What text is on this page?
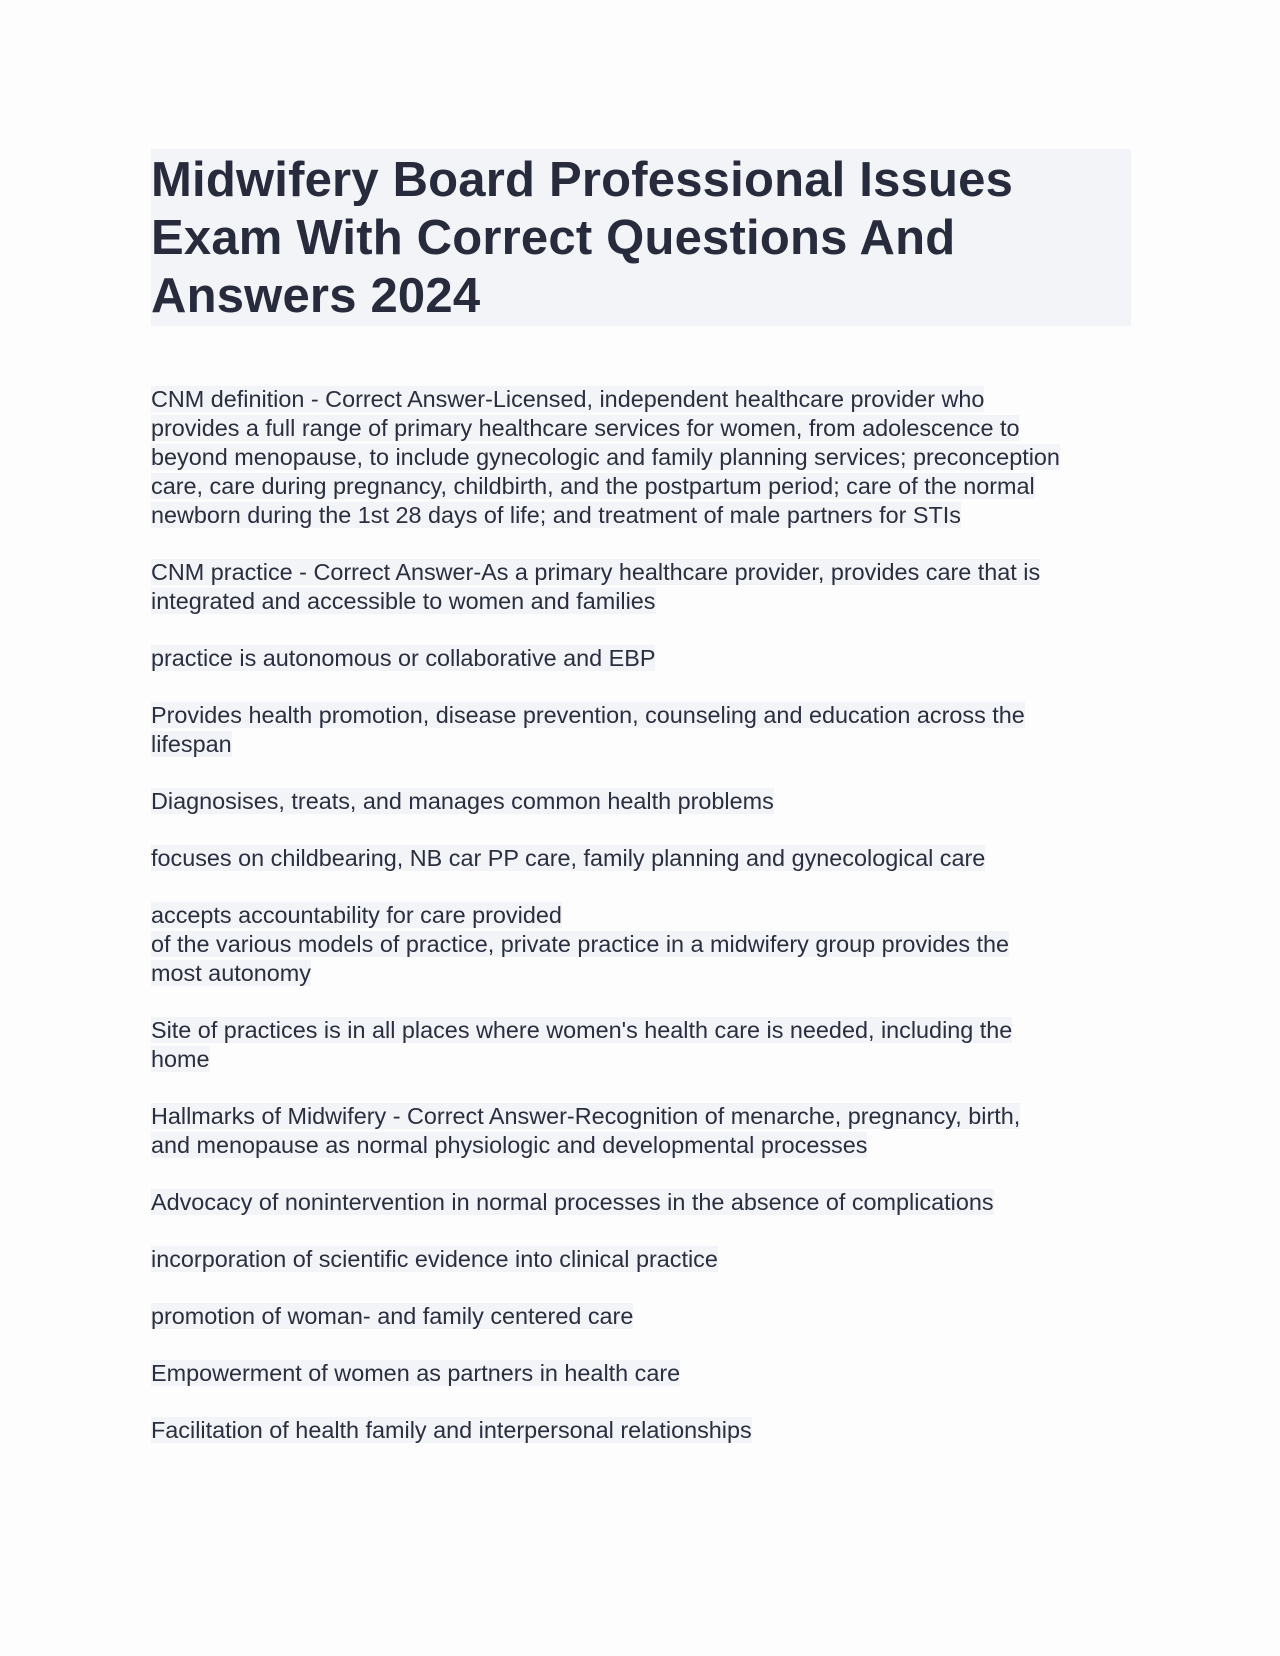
Midwifery Board Professional Issues
Exam With Correct Questions And
Answers 2024

CNM definition - Correct Answer-Licensed, independent healthcare provider who
provides a full range of primary healthcare services for women, from adolescence to
beyond menopause, to include gynecologic and family planning services; preconception
care, care during pregnancy, childbirth, and the postpartum period; care of the normal
newborn during the 1st 28 days of life; and treatment of male partners for STIs

CNM practice - Correct Answer-As a primary healthcare provider, provides care that is
integrated and accessible to women and families

practice is autonomous or collaborative and EBP

Provides health promotion, disease prevention, counseling and education across the
lifespan

Diagnosises, treats, and manages common health problems

focuses on childbearing, NB car PP care, family planning and gynecological care

accepts accountability for care provided
of the various models of practice, private practice in a midwifery group provides the
most autonomy

Site of practices is in all places where women's health care is needed, including the
home

Hallmarks of Midwifery - Correct Answer-Recognition of menarche, pregnancy, birth,
and menopause as normal physiologic and developmental processes

Advocacy of nonintervention in normal processes in the absence of complications

incorporation of scientific evidence into clinical practice

promotion of woman- and family centered care

Empowerment of women as partners in health care

Facilitation of health family and interpersonal relationships
